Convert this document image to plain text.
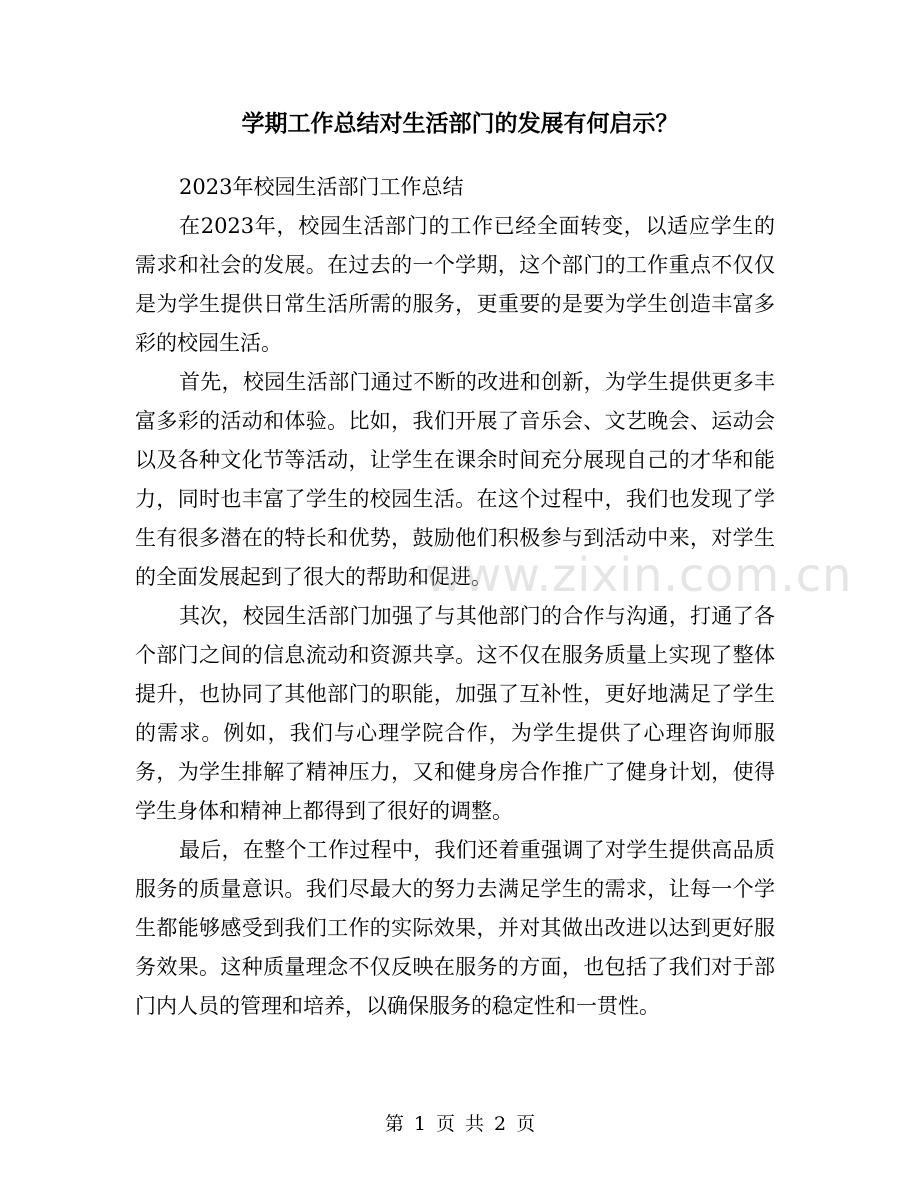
学期工作总结对生活部门的发展有何启示？

2023年校园生活部门工作总结

在2023年，校园生活部门的工作已经全面转变，以适应学生的需求和社会的发展。在过去的一个学期，这个部门的工作重点不仅仅是为学生提供日常生活所需的服务，更重要的是要为学生创造丰富多彩的校园生活。

首先，校园生活部门通过不断的改进和创新，为学生提供更多丰富多彩的活动和体验。比如，我们开展了音乐会、文艺晚会、运动会以及各种文化节等活动，让学生在课余时间充分展现自己的才华和能力，同时也丰富了学生的校园生活。在这个过程中，我们也发现了学生有很多潜在的特长和优势，鼓励他们积极参与到活动中来，对学生的全面发展起到了很大的帮助和促进。

其次，校园生活部门加强了与其他部门的合作与沟通，打通了各个部门之间的信息流动和资源共享。这不仅在服务质量上实现了整体提升，也协同了其他部门的职能，加强了互补性，更好地满足了学生的需求。例如，我们与心理学院合作，为学生提供了心理咨询师服务，为学生排解了精神压力，又和健身房合作推广了健身计划，使得学生身体和精神上都得到了很好的调整。

最后，在整个工作过程中，我们还着重强调了对学生提供高品质服务的质量意识。我们尽最大的努力去满足学生的需求，让每一个学生都能够感受到我们工作的实际效果，并对其做出改进以达到更好服务效果。这种质量理念不仅反映在服务的方面，也包括了我们对于部门内人员的管理和培养，以确保服务的稳定性和一贯性。

www.zixin.com.cn
第 1 页 共 2 页
